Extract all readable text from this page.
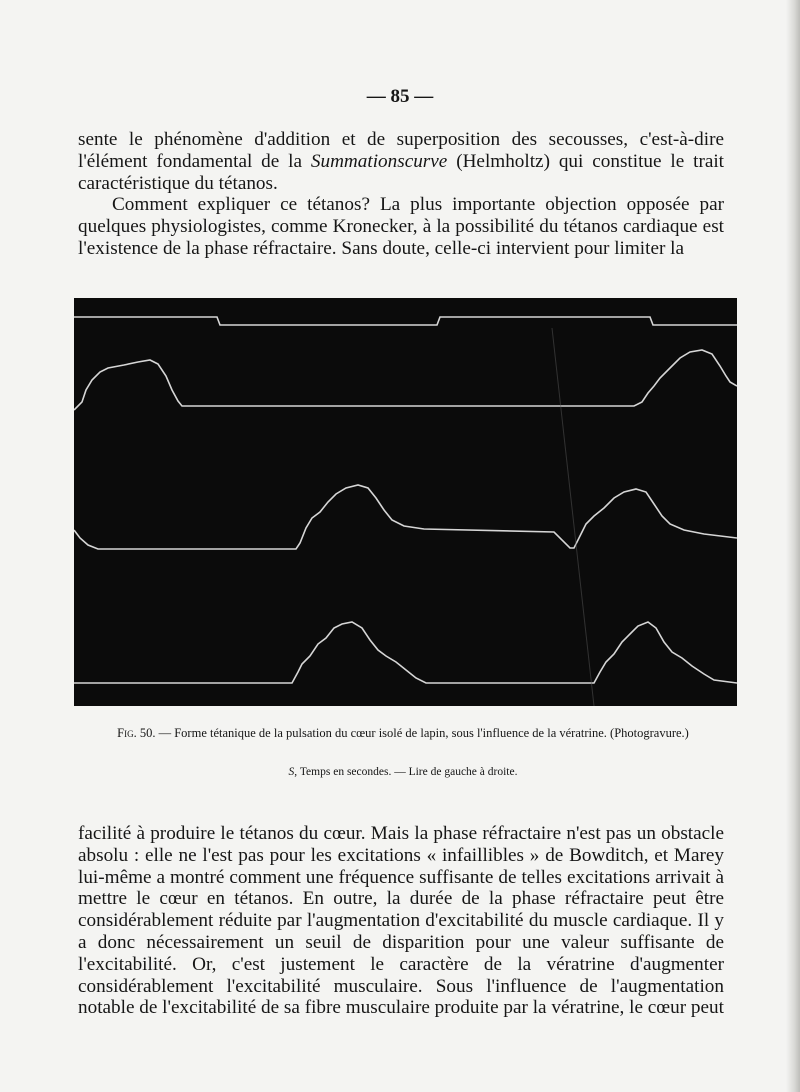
— 85 —
sente le phénomène d'addition et de superposition des secousses, c'est-à-dire l'élément fondamental de la Summationscurve (Helmholtz) qui constitue le trait caractéristique du tétanos.
Comment expliquer ce tétanos? La plus importante objection opposée par quelques physiologistes, comme Kronecker, à la possibilité du tétanos cardiaque est l'existence de la phase réfractaire. Sans doute, celle-ci intervient pour limiter la
Fig. 50. — Forme tétanique de la pulsation du cœur isolé de lapin, sous l'influence de la vératrine. (Photogravure.)
S, Temps en secondes. — Lire de gauche à droite.
facilité à produire le tétanos du cœur. Mais la phase réfractaire n'est pas un obstacle absolu : elle ne l'est pas pour les excitations « infaillibles » de Bowditch, et Marey lui-même a montré comment une fréquence suffisante de telles excitations arrivait à mettre le cœur en tétanos. En outre, la durée de la phase réfractaire peut être considérablement réduite par l'augmentation d'excitabilité du muscle cardiaque. Il y a donc nécessairement un seuil de disparition pour une valeur suffisante de l'excitabilité. Or, c'est justement le caractère de la vératrine d'augmenter considérablement l'excitabilité musculaire. Sous l'influence de l'augmentation notable de l'excitabilité de sa fibre musculaire produite par la vératrine, le cœur peut
